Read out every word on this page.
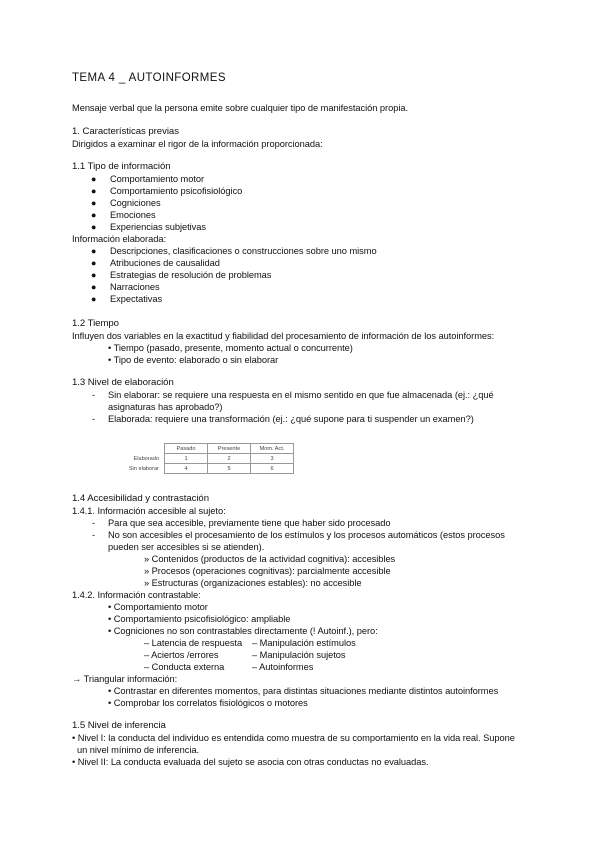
TEMA 4 _ AUTOINFORMES
Mensaje verbal que la persona emite sobre cualquier tipo de manifestación propia.
1. Características previas
Dirigidos a examinar el rigor de la información proporcionada:
1.1 Tipo de información
● Comportamiento motor
● Comportamiento psicofisiológico
● Cogniciones
● Emociones
● Experiencias subjetivas
Información elaborada:
● Descripciones, clasificaciones o construcciones sobre uno mismo
● Atribuciones de causalidad
● Estrategias de resolución de problemas
● Narraciones
● Expectativas
1.2 Tiempo
Influyen dos variables en la exactitud y fiabilidad del procesamiento de información de los autoinformes:
• Tiempo (pasado, presente, momento actual o concurrente)
• Tipo de evento: elaborado o sin elaborar
1.3 Nivel de elaboración
- Sin elaborar: se requiere una respuesta en el mismo sentido en que fue almacenada (ej.: ¿qué
asignaturas has aprobado?)
- Elaborada: requiere una transformación (ej.: ¿qué supone para ti suspender un examen?)
	Pasado	Presente	Mom. Act.
Elaborado	1	2	3
Sin elaborar	4	5	6
1.4 Accesibilidad y contrastación
1.4.1. Información accesible al sujeto:
- Para que sea accesible, previamente tiene que haber sido procesado
- No son accesibles el procesamiento de los estímulos y los procesos automáticos (estos procesos
pueden ser accesibles si se atienden).
» Contenidos (productos de la actividad cognitiva): accesibles
» Procesos (operaciones cognitivas): parcialmente accesible
» Estructuras (organizaciones estables): no accesible
1.4.2. Información contrastable:
• Comportamiento motor
• Comportamiento psicofisiológico: ampliable
• Cogniciones no son contrastables directamente (! Autoinf.), pero:
– Latencia de respuesta – Manipulación estímulos
– Aciertos /errores	– Manipulación sujetos
– Conducta externa	– Autoinformes
→ Triangular información:
• Contrastar en diferentes momentos, para distintas situaciones mediante distintos autoinformes
• Comprobar los correlatos fisiológicos o motores
1.5 Nivel de inferencia
• Nivel I: la conducta del individuo es entendida como muestra de su comportamiento en la vida real. Supone
un nivel mínimo de inferencia.
• Nivel II: La conducta evaluada del sujeto se asocia con otras conductas no evaluadas.
